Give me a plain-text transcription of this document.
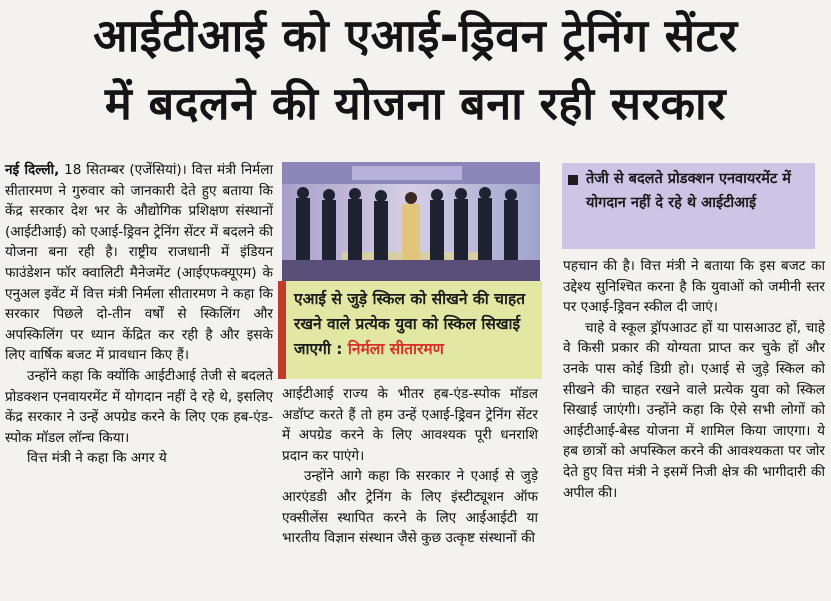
आईटीआई को एआई-ड्रिवन ट्रेनिंग सेंटर
में बदलने की योजना बना रही सरकार

नई दिल्ली, 18 सितम्बर (एजेंसियां)। वित्त मंत्री निर्मला सीतारमण ने गुरुवार को जानकारी देते हुए बताया कि केंद्र सरकार देश भर के औद्योगिक प्रशिक्षण संस्थानों (आईटीआई) को एआई-ड्रिवन ट्रेनिंग सेंटर में बदलने की योजना बना रही है। राष्ट्रीय राजधानी में इंडियन फाउंडेशन फॉर क्वालिटी मैनेजमेंट (आईएफक्यूएम) के एनुअल इवेंट में वित्त मंत्री निर्मला सीतारमण ने कहा कि सरकार पिछले दो-तीन वर्षों से स्किलिंग और अपस्किलिंग पर ध्यान केंद्रित कर रही है और इसके लिए वार्षिक बजट में प्रावधान किए हैं।

उन्होंने कहा कि क्योंकि आईटीआई तेजी से बदलते प्रोडक्शन एनवायरमेंट में योगदान नहीं दे रहे थे, इसलिए केंद्र सरकार ने उन्हें अपग्रेड करने के लिए एक हब-एंड-स्पोक मॉडल लॉन्च किया।

वित्त मंत्री ने कहा कि अगर ये

एआई से जुड़े स्किल को सीखने की चाहत रखने वाले प्रत्येक युवा को स्किल सिखाई जाएगी : निर्मला सीतारमण

आईटीआई राज्य के भीतर हब-एंड-स्पोक मॉडल अडॉप्ट करते हैं तो हम उन्हें एआई-ड्रिवन ट्रेनिंग सेंटर में अपग्रेड करने के लिए आवश्यक पूरी धनराशि प्रदान कर पाएंगे।

उन्होंने आगे कहा कि सरकार ने एआई से जुड़े आरएंडडी और ट्रेनिंग के लिए इंस्टीट्यूशन ऑफ एक्सीलेंस स्थापित करने के लिए आईआईटी या भारतीय विज्ञान संस्थान जैसे कुछ उत्कृष्ट संस्थानों की

तेजी से बदलते प्रोडक्शन एनवायरमेंट में योगदान नहीं दे रहे थे आईटीआई

पहचान की है। वित्त मंत्री ने बताया कि इस बजट का उद्देश्य सुनिश्चित करना है कि युवाओं को जमीनी स्तर पर एआई-ड्रिवन स्कील दी जाएं।

चाहे वे स्कूल ड्रॉपआउट हों या पासआउट हों, चाहे वे किसी प्रकार की योग्यता प्राप्त कर चुके हों और उनके पास कोई डिग्री हो। एआई से जुड़े स्किल को सीखने की चाहत रखने वाले प्रत्येक युवा को स्किल सिखाई जाएंगी। उन्होंने कहा कि ऐसे सभी लोगों को आईटीआई-बेस्ड योजना में शामिल किया जाएगा। ये हब छात्रों को अपस्किल करने की आवश्यकता पर जोर देते हुए वित्त मंत्री ने इसमें निजी क्षेत्र की भागीदारी की अपील की।
